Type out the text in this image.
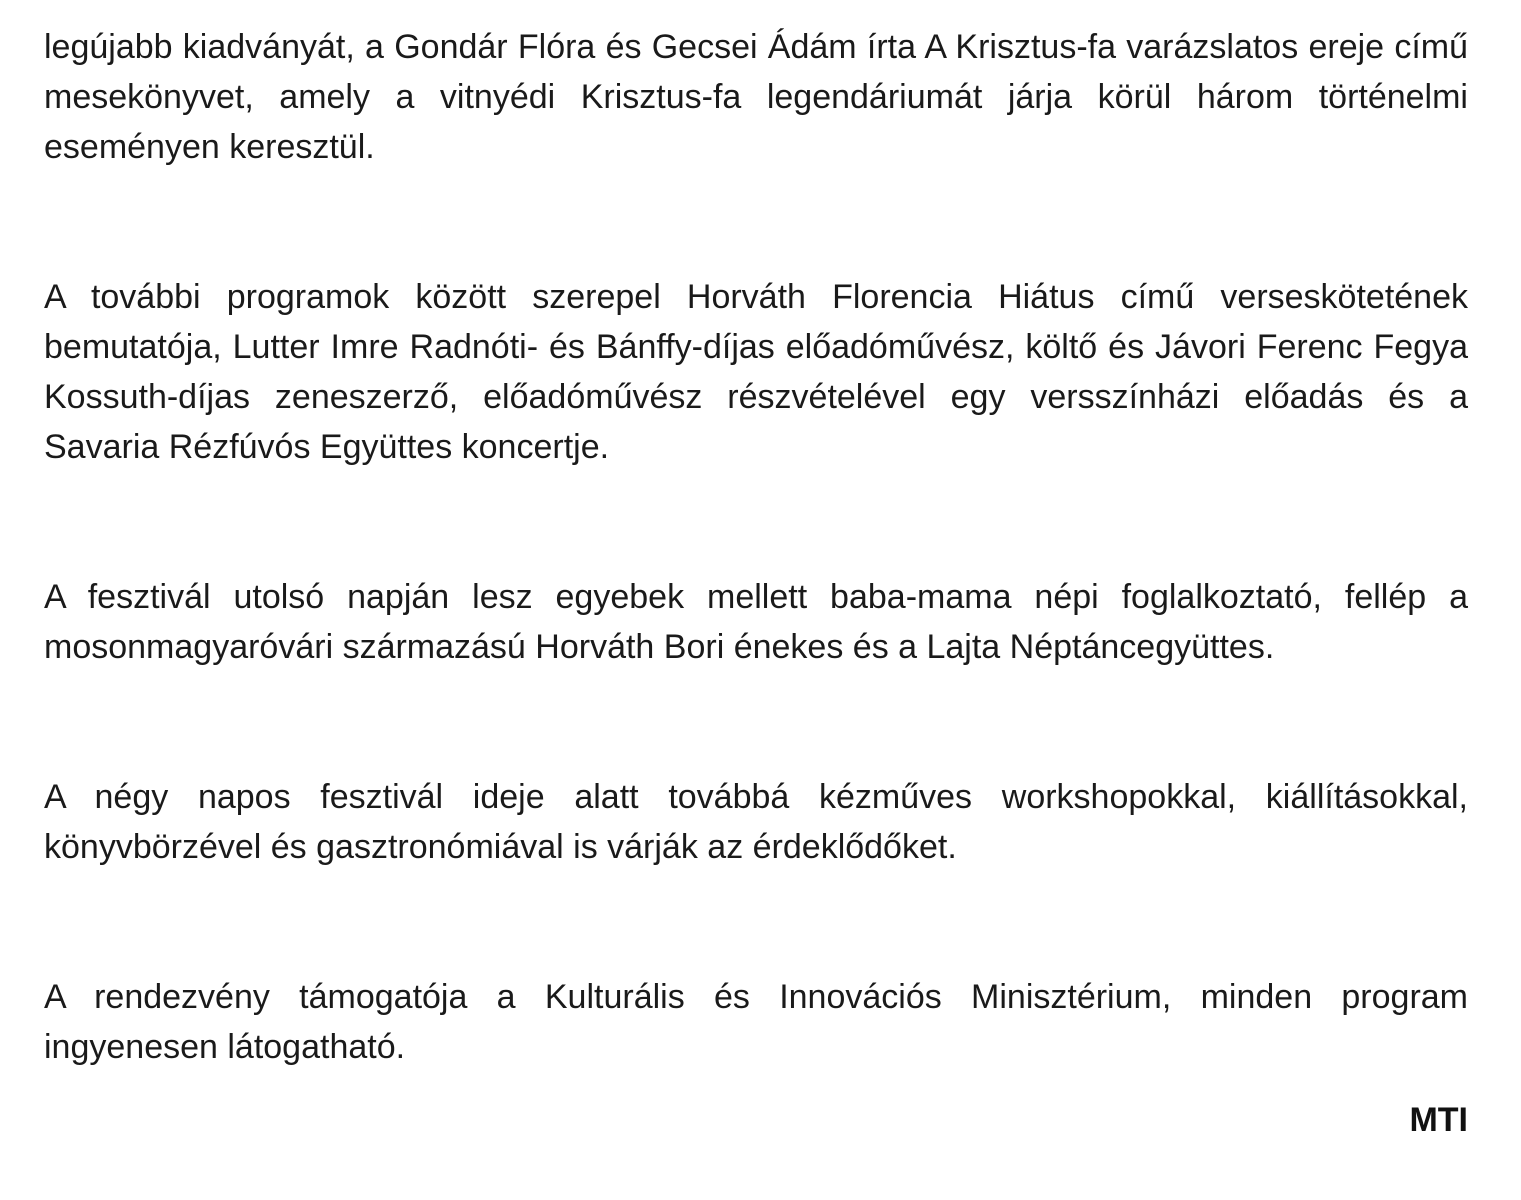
legújabb kiadványát, a Gondár Flóra és Gecsei Ádám írta A Krisztus-fa varázslatos ereje című mesekönyvet, amely a vitnyédi Krisztus-fa legendáriumát járja körül három történelmi eseményen keresztül.

A további programok között szerepel Horváth Florencia Hiátus című verseskötetének bemutatója, Lutter Imre Radnóti- és Bánffy-díjas előadóművész, költő és Jávori Ferenc Fegya Kossuth-díjas zeneszerző, előadóművész részvételével egy versszínházi előadás és a Savaria Rézfúvós Együttes koncertje.

A fesztivál utolsó napján lesz egyebek mellett baba-mama népi foglalkoztató, fellép a mosonmagyaróvári származású Horváth Bori énekes és a Lajta Néptáncegyüttes.

A négy napos fesztivál ideje alatt továbbá kézműves workshopokkal, kiállításokkal, könyvbörzével és gasztronómiával is várják az érdeklődőket.

A rendezvény támogatója a Kulturális és Innovációs Minisztérium, minden program ingyenesen látogatható.

MTI
